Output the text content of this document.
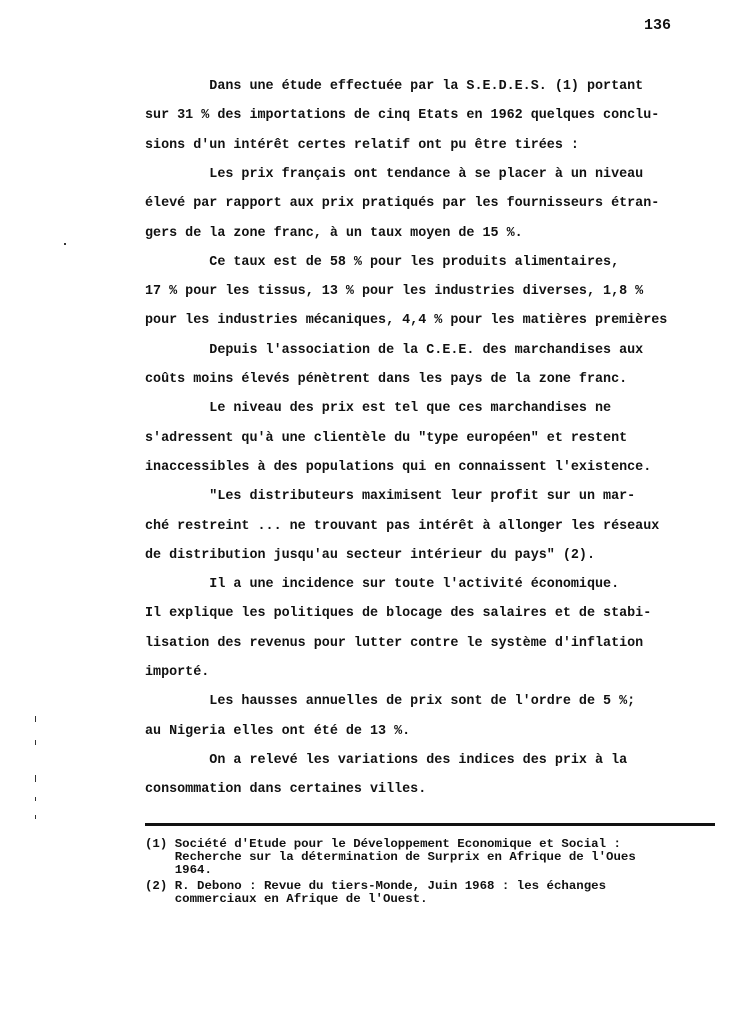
136
Dans une étude effectuée par la S.E.D.E.S. (1) portant
sur 31 % des importations de cinq Etats en 1962 quelques conclu-
sions d'un intérêt certes relatif ont pu être tirées :
Les prix français ont tendance à se placer à un niveau
élevé par rapport aux prix pratiqués par les fournisseurs étran-
gers de la zone franc, à un taux moyen de 15 %.
Ce taux est de 58 % pour les produits alimentaires,
17 % pour les tissus, 13 % pour les industries diverses, 1,8 %
pour les industries mécaniques, 4,4 % pour les matières premières
Depuis l'association de la C.E.E. des marchandises aux
coûts moins élevés pénètrent dans les pays de la zone franc.
Le niveau des prix est tel que ces marchandises ne
s'adressent qu'à une clientèle du "type européen" et restent
inaccessibles à des populations qui en connaissent l'existence.
"Les distributeurs maximisent leur profit sur un mar-
ché restreint ... ne trouvant pas intérêt à allonger les réseaux
de distribution jusqu'au secteur intérieur du pays" (2).
Il a une incidence sur toute l'activité économique.
Il explique les politiques de blocage des salaires et de stabi-
lisation des revenus pour lutter contre le système d'inflation
importé.
Les hausses annuelles de prix sont de l'ordre de 5 %;
au Nigeria elles ont été de 13 %.
On a relevé les variations des indices des prix à la
consommation dans certaines villes.
(1) Société d'Etude pour le Développement Economique et Social :
Recherche sur la détermination de Surprix en Afrique de l'Oues
1964.
(2) R. Debono : Revue du tiers-Monde, Juin 1968 : les échanges
commerciaux en Afrique de l'Ouest.
